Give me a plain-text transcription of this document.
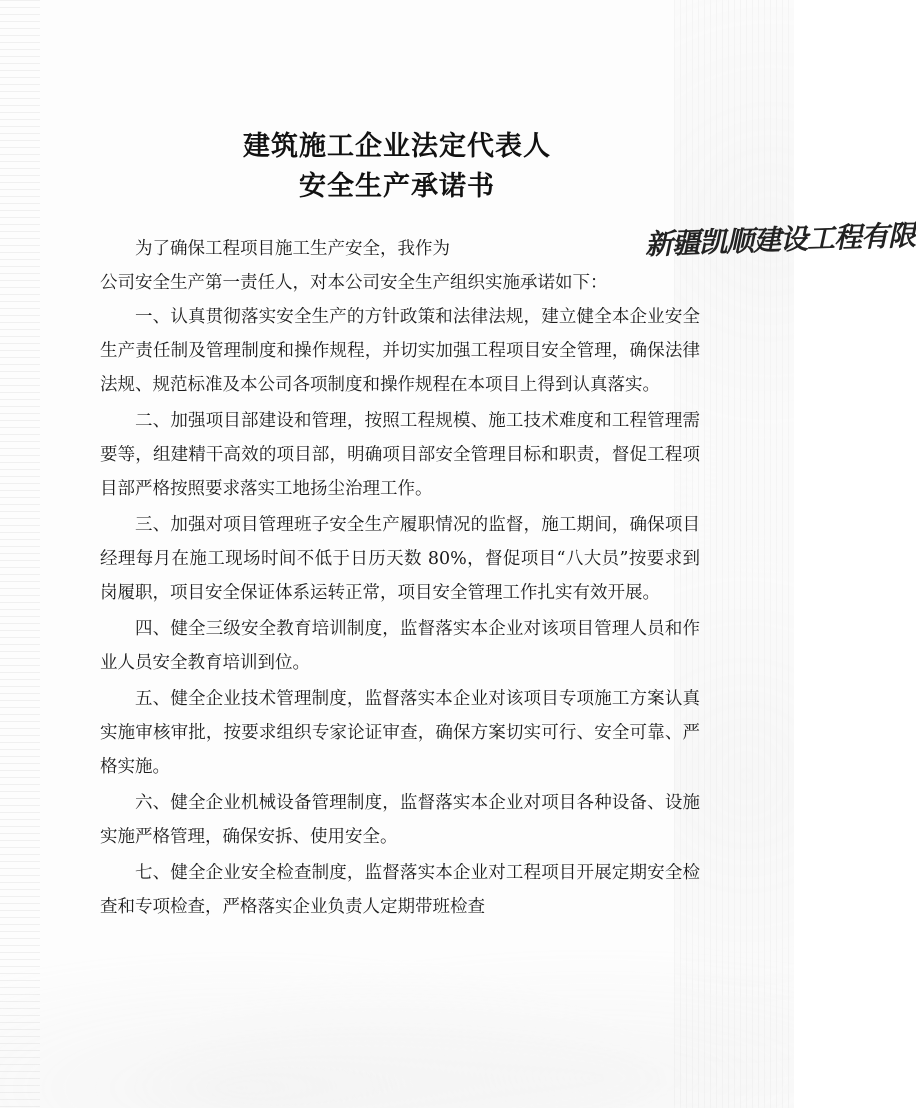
建筑施工企业法定代表人
安全生产承诺书
为了确保工程项目施工生产安全，我作为	新疆凯顺建设工程有限
公司安全生产第一责任人，对本公司安全生产组织实施承诺如下：

一、认真贯彻落实安全生产的方针政策和法律法规，建立健全本企业安全生产责任制及管理制度和操作规程，并切实加强工程项目安全管理，确保法律法规、规范标准及本公司各项制度和操作规程在本项目上得到认真落实。

二、加强项目部建设和管理，按照工程规模、施工技术难度和工程管理需要等，组建精干高效的项目部，明确项目部安全管理目标和职责，督促工程项目部严格按照要求落实工地扬尘治理工作。

三、加强对项目管理班子安全生产履职情况的监督，施工期间，确保项目经理每月在施工现场时间不低于日历天数 80%，督促项目“八大员”按要求到岗履职，项目安全保证体系运转正常，项目安全管理工作扎实有效开展。

四、健全三级安全教育培训制度，监督落实本企业对该项目管理人员和作业人员安全教育培训到位。

五、健全企业技术管理制度，监督落实本企业对该项目专项施工方案认真实施审核审批，按要求组织专家论证审查，确保方案切实可行、安全可靠、严格实施。

六、健全企业机械设备管理制度，监督落实本企业对项目各种设备、设施实施严格管理，确保安拆、使用安全。

七、健全企业安全检查制度，监督落实本企业对工程项目开展定期安全检查和专项检查，严格落实企业负责人定期带班检查
